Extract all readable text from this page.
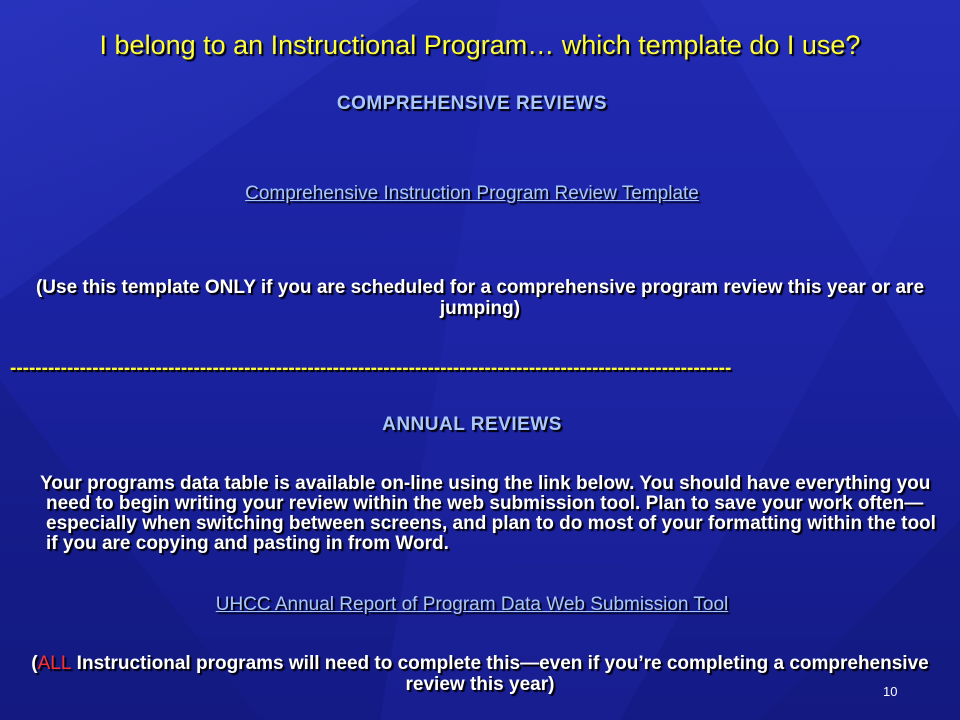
I belong to an Instructional Program… which template do I use?
COMPREHENSIVE REVIEWS
Comprehensive Instruction Program Review Template
(Use this template ONLY if you are scheduled for a comprehensive program review this year or are jumping)
------------------------------------------------------------------------------------------------------------------
ANNUAL REVIEWS
Your programs data table is available on-line using the link below. You should have everything you need to begin writing your review within the web submission tool. Plan to save your work often—especially when switching between screens, and plan to do most of your formatting within the tool if you are copying and pasting in from Word.
UHCC Annual Report of Program Data Web Submission Tool
(ALL Instructional programs will need to complete this—even if you’re completing a comprehensive review this year)	10
